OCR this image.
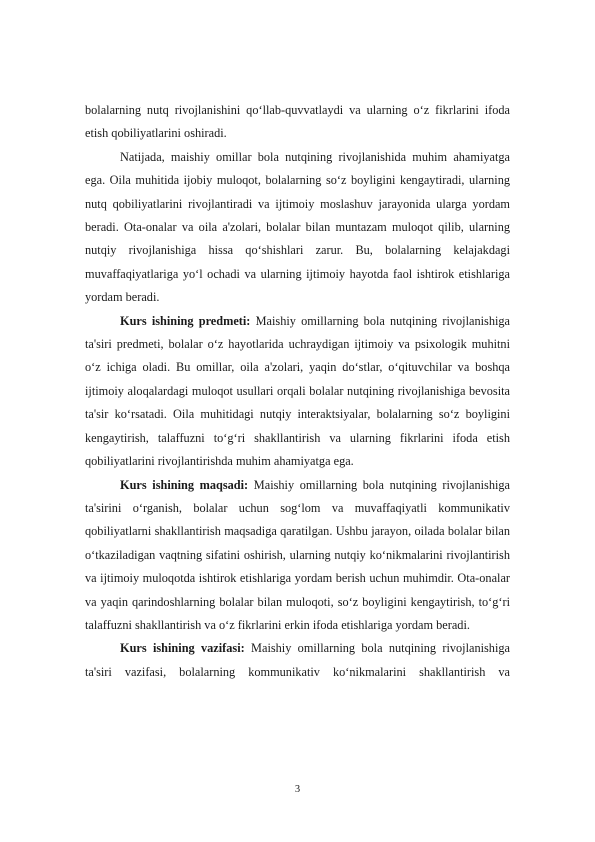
bolalarning nutq rivojlanishini qo‘llab-quvvatlaydi va ularning o‘z fikrlarini ifoda etish qobiliyatlarini oshiradi.

Natijada, maishiy omillar bola nutqining rivojlanishida muhim ahamiyatga ega. Oila muhitida ijobiy muloqot, bolalarning so‘z boyligini kengaytiradi, ularning nutq qobiliyatlarini rivojlantiradi va ijtimoiy moslashuv jarayonida ularga yordam beradi. Ota-onalar va oila a'zolari, bolalar bilan muntazam muloqot qilib, ularning nutqiy rivojlanishiga hissa qo‘shishlari zarur. Bu, bolalarning kelajakdagi muvaffaqiyatlariga yo‘l ochadi va ularning ijtimoiy hayotda faol ishtirok etishlariga yordam beradi.

Kurs ishining predmeti: Maishiy omillarning bola nutqining rivojlanishiga ta'siri predmeti, bolalar o‘z hayotlarida uchraydigan ijtimoiy va psixologik muhitni o‘z ichiga oladi. Bu omillar, oila a'zolari, yaqin do‘stlar, o‘qituvchilar va boshqa ijtimoiy aloqalardagi muloqot usullari orqali bolalar nutqining rivojlanishiga bevosita ta'sir ko‘rsatadi. Oila muhitidagi nutqiy interaktsiyalar, bolalarning so‘z boyligini kengaytirish, talaffuzni to‘g‘ri shakllantirish va ularning fikrlarini ifoda etish qobiliyatlarini rivojlantirishda muhim ahamiyatga ega.

Kurs ishining maqsadi: Maishiy omillarning bola nutqining rivojlanishiga ta'sirini o‘rganish, bolalar uchun sog‘lom va muvaffaqiyatli kommunikativ qobiliyatlarni shakllantirish maqsadiga qaratilgan. Ushbu jarayon, oilada bolalar bilan o‘tkaziladigan vaqtning sifatini oshirish, ularning nutqiy ko‘nikmalarini rivojlantirish va ijtimoiy muloqotda ishtirok etishlariga yordam berish uchun muhimdir. Ota-onalar va yaqin qarindoshlarning bolalar bilan muloqoti, so‘z boyligini kengaytirish, to‘g‘ri talaffuzni shakllantirish va o‘z fikrlarini erkin ifoda etishlariga yordam beradi.

Kurs ishining vazifasi: Maishiy omillarning bola nutqining rivojlanishiga ta'siri vazifasi, bolalarning kommunikativ ko‘nikmalarini shakllantirish va

3
